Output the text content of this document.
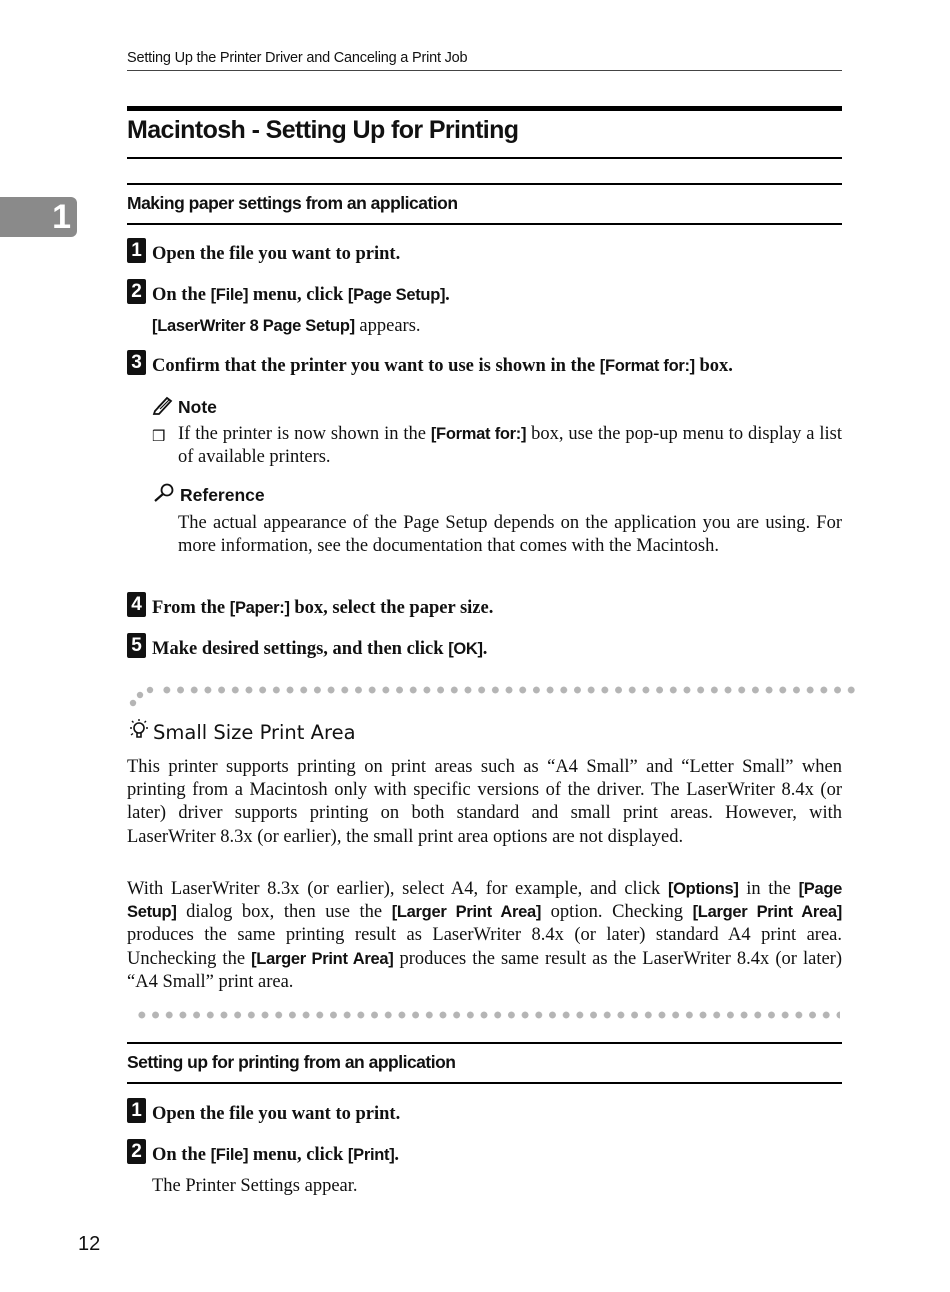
Setting Up the Printer Driver and Canceling a Print Job
1
Macintosh - Setting Up for Printing
Making paper settings from an application
1 Open the file you want to print.
2 On the [File] menu, click [Page Setup].
[LaserWriter 8 Page Setup] appears.
3 Confirm that the printer you want to use is shown in the [Format for:] box.
Note
❒ If the printer is now shown in the [Format for:] box, use the pop-up menu to display a list of available printers.
Reference
The actual appearance of the Page Setup depends on the application you are using. For more information, see the documentation that comes with the Macintosh.
4 From the [Paper:] box, select the paper size.
5 Make desired settings, and then click [OK].
Small Size Print Area
This printer supports printing on print areas such as “A4 Small” and “Letter Small” when printing from a Macintosh only with specific versions of the driver. The LaserWriter 8.4x (or later) driver supports printing on both standard and small print areas. However, with LaserWriter 8.3x (or earlier), the small print area options are not displayed.
With LaserWriter 8.3x (or earlier), select A4, for example, and click [Options] in the [Page Setup] dialog box, then use the [Larger Print Area] option. Checking [Larger Print Area] produces the same printing result as LaserWriter 8.4x (or later) standard A4 print area. Unchecking the [Larger Print Area] produces the same result as the LaserWriter 8.4x (or later) “A4 Small” print area.
Setting up for printing from an application
1 Open the file you want to print.
2 On the [File] menu, click [Print].
The Printer Settings appear.
12
